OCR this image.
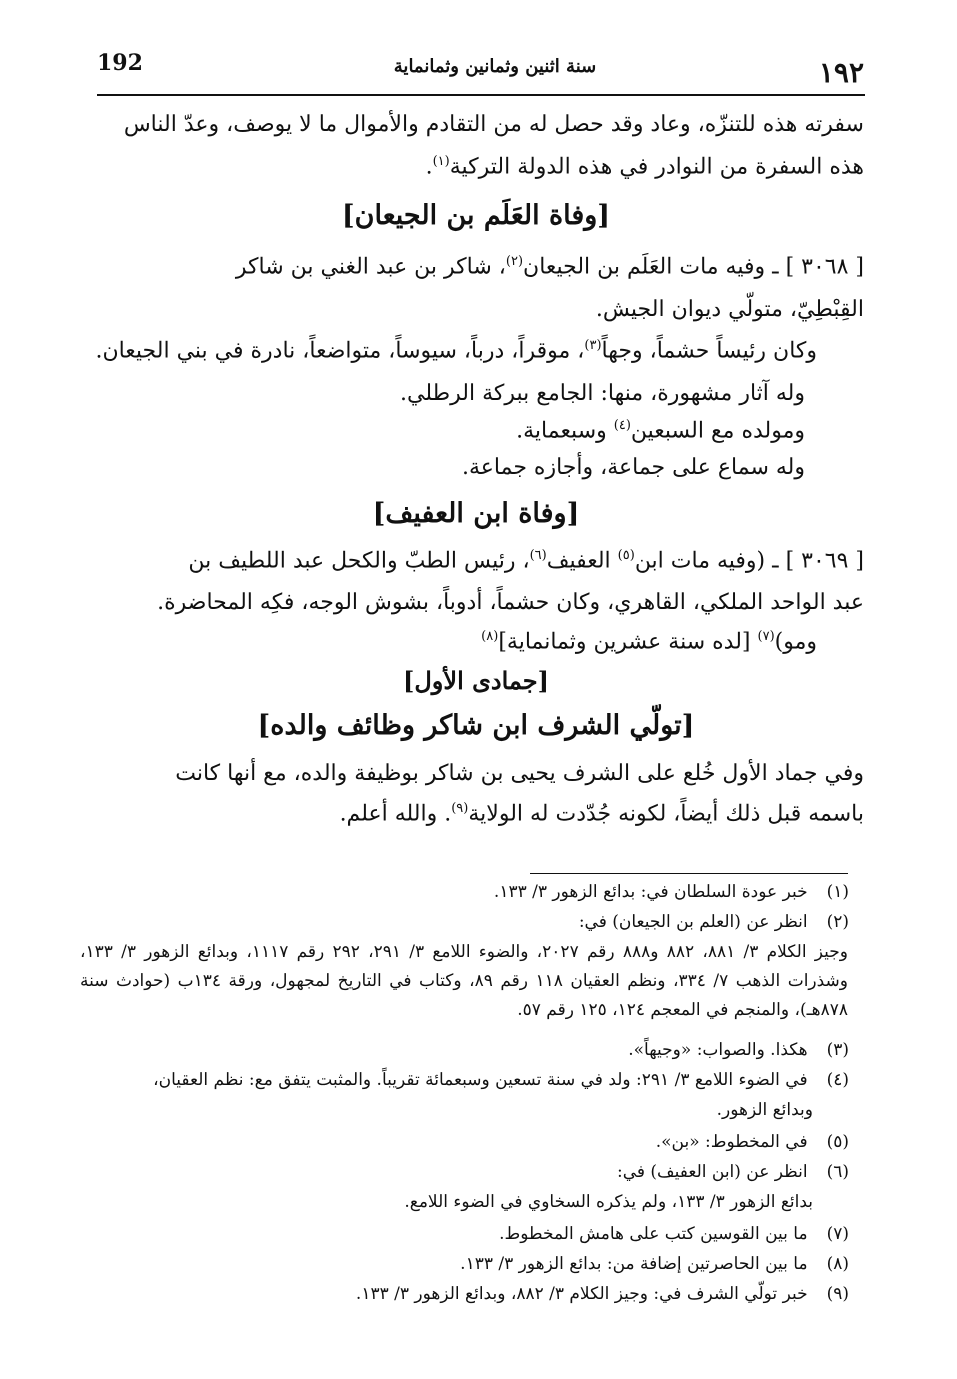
192	سنة اثنين وثمانين وثمانماية	١٩٢
سفرته هذه للتنزّه، وعاد وقد حصل له من التقادم والأموال ما لا يوصف، وعدّ الناس
هذه السفرة من النوادر في هذه الدولة التركية$^{(١)}$.
[وفاة العَلَم بن الجيعان]
[ ٣٠٦٨ ] ـ وفيه مات العَلَم بن الجيعان$^{(٢)}$، شاكر بن عبد الغني بن شاكر
القِبْطِيّ، متولّي ديوان الجيش.
وكان رئيساً حشماً، وجهاً$^{(٣)}$، موقراً، درباً، سيوساً، متواضعاً، نادرة في بني الجيعان.
وله آثار مشهورة، منها: الجامع ببركة الرطلي.
ومولده مع السبعين$^{(٤)}$ وسبعماية.
وله سماع على جماعة، وأجازه جماعة.
[وفاة ابن العفيف]
[ ٣٠٦٩ ] ـ (وفيه مات ابن$^{(٥)}$ العفيف$^{(٦)}$، رئيس الطبّ والكحل عبد اللطيف بن
عبد الواحد الملكي، القاهري، وكان حشماً، أدوباً، بشوش الوجه، فكِه المحاضرة.
ومو)$^{(٧)}$ [لده سنة عشرين وثمانماية]$^{(٨)}$
[جمادى الأول]
[تولّي الشرف ابن شاكر وظائف والده]
وفي جماد الأول خُلع على الشرف يحيى بن شاكر بوظيفة والده، مع أنها كانت
باسمه قبل ذلك أيضاً، لكونه جُدّدت له الولاية$^{(٩)}$. والله أعلم.
(١) خبر عودة السلطان في: بدائع الزهور ٣/ ١٣٣.
(٢) انظر عن (العلم بن الجيعان) في:
وجيز الكلام ٣/ ٨٨١، ٨٨٢ و٨٨٨ رقم ٢٠٢٧، والضوء اللامع ٣/ ٢٩١، ٢٩٢ رقم ١١١٧، وبدائع الزهور ٣/ ١٣٣، وشذرات الذهب ٧/ ٣٣٤، ونظم العقيان ١١٨ رقم ٨٩، وكتاب في التاريخ لمجهول، ورقة ١٣٤ب (حوادث سنة ٨٧٨هـ)، والمنجم في المعجم ١٢٤، ١٢٥ رقم ٥٧.
(٣) هكذا. والصواب: «وجيهاً».
(٤) في الضوء اللامع ٣/ ٢٩١: ولد في سنة تسعين وسبعمائة تقريباً. والمثبت يتفق مع: نظم العقيان،
وبدائع الزهور.
(٥) في المخطوط: «بن».
(٦) انظر عن (ابن العفيف) في:
بدائع الزهور ٣/ ١٣٣، ولم يذكره السخاوي في الضوء اللامع.
(٧) ما بين القوسين كتب على هامش المخطوط.
(٨) ما بين الحاصرتين إضافة من: بدائع الزهور ٣/ ١٣٣.
(٩) خبر تولّي الشرف في: وجيز الكلام ٣/ ٨٨٢، وبدائع الزهور ٣/ ١٣٣.
